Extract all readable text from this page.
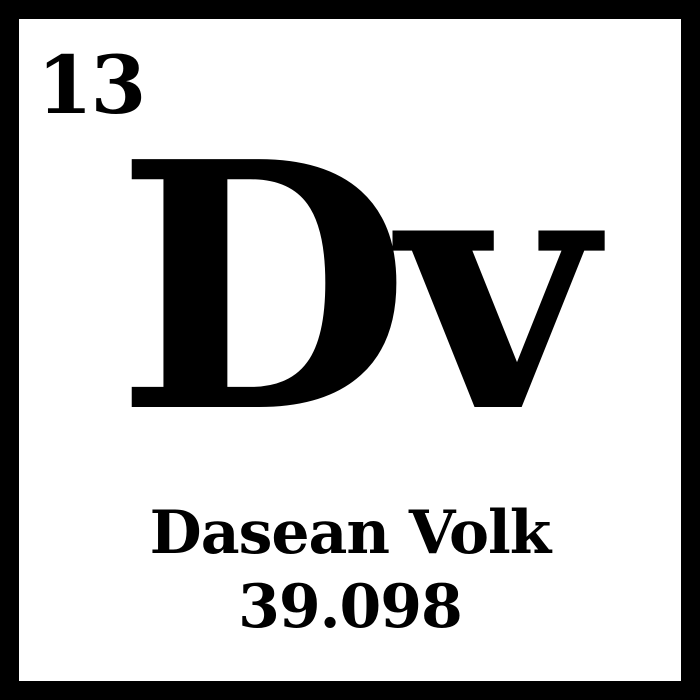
13
Dv
Dasean Volk
39.098
